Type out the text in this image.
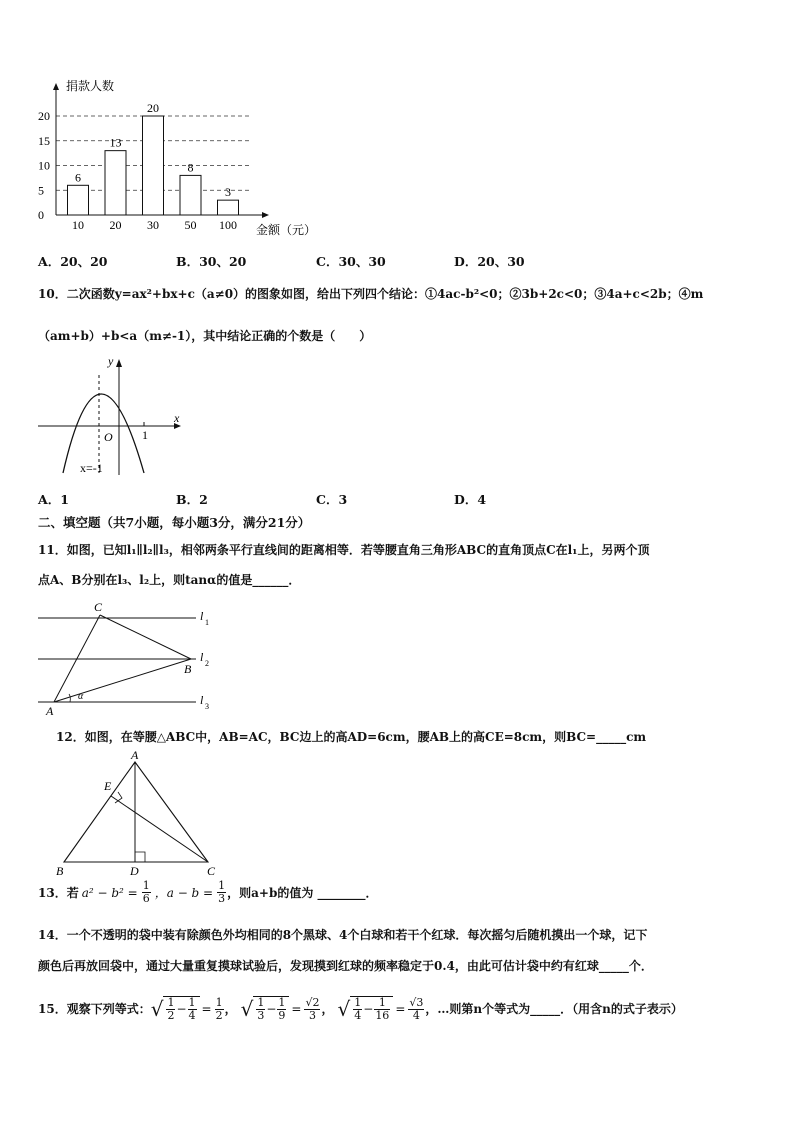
0
5
10
15
20
捐款人数
金额（元）
6
10
13
20
20
30
8
50
3
100
A．20、20	B．30、20	C．30、30	D．20、30
10．二次函数y=ax²+bx+c（a≠0）的图象如图，给出下列四个结论：①4ac-b²<0；②3b+2c<0；③4a+c<2b；④m
（am+b）+b<a（m≠-1），其中结论正确的个数是（　　）
y
x
O 1
x=-1
A．1	B．2	C．3	D．4
二、填空题（共7小题，每小题3分，满分21分）
11．如图，已知l₁∥l₂∥l₃，相邻两条平行直线间的距离相等．若等腰直角三角形ABC的直角顶点C在l₁上，另两个顶
点A、B分别在l₃、l₂上，则tanα的值是______．
C
B
A
α
l 1
l 2
l 3
12．如图，在等腰△ABC中，AB=AC，BC边上的高AD=6cm，腰AB上的高CE=8cm，则BC=_____cm
A
E
B	D	C
13．若 $a^2 - b^2 = \frac{1}{6}$ ，$a - b = \frac{1}{3}$ ，则a+b的值为 ________．
14．一个不透明的袋中装有除颜色外均相同的8个黑球、4个白球和若干个红球．每次摇匀后随机摸出一个球，记下
颜色后再放回袋中，通过大量重复摸球试验后，发现摸到红球的频率稳定于0.4，由此可估计袋中约有红球_____个．
15．观察下列等式： √ $\frac{1}{2} - \frac{1}{4} = \frac{1}{2}$ ， √ $\frac{1}{3} - \frac{1}{9} = \frac{√2}{3}$ ， √ $\frac{1}{4} - \frac{1}{16} = \frac{√3}{4}$ ，…则第n个等式为_____．（用含n的式子表示）
